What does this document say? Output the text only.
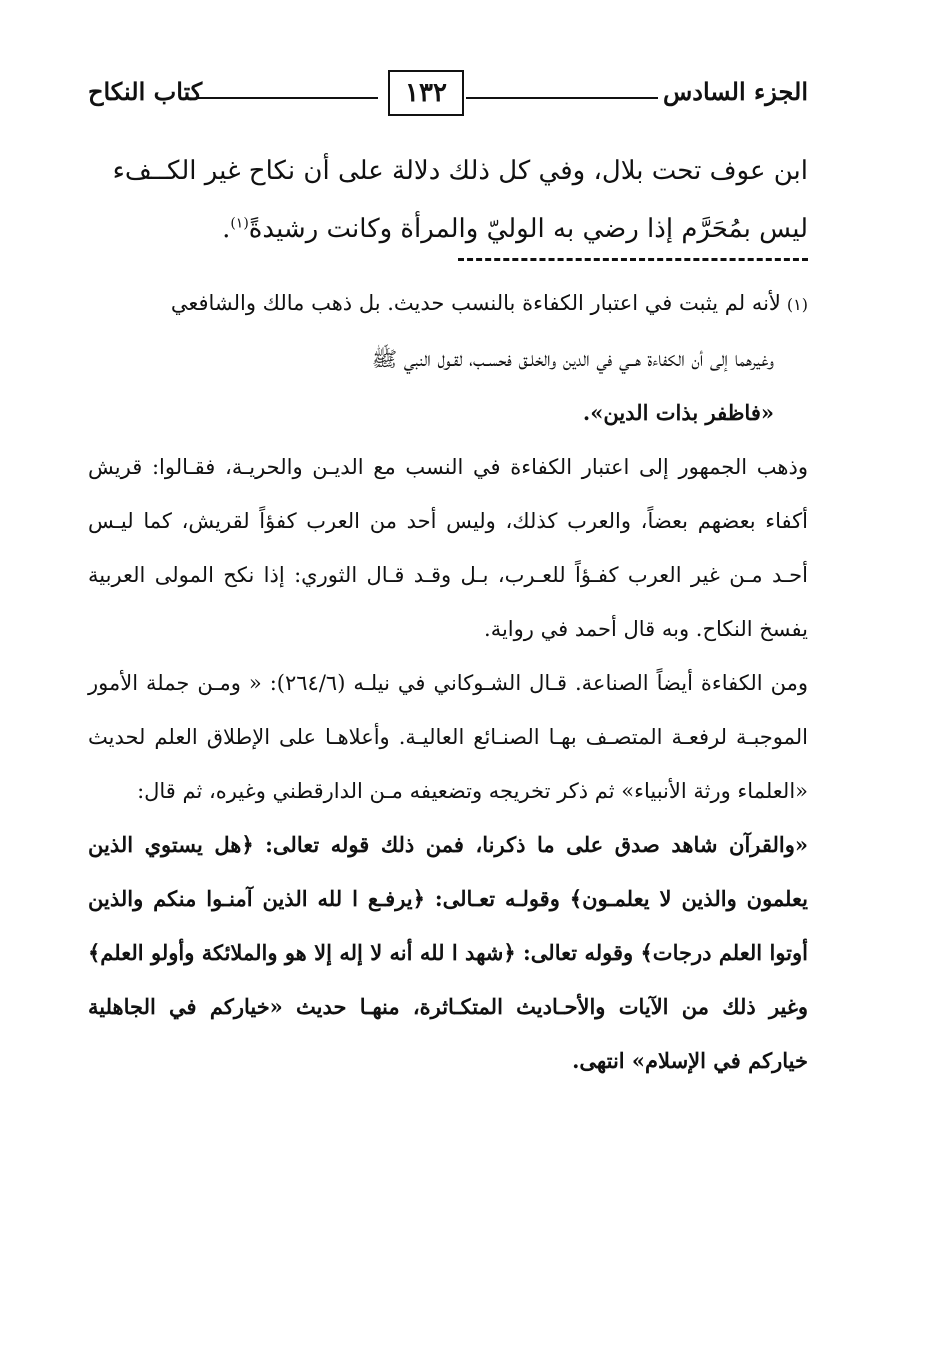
الجزء السادس
١٣٢
كتاب النكاح

ابن عوف تحت بلال، وفي كل ذلك دلالة على أن نكاح غير الكــفء

ليس بمُحَرَّم إذا رضي به الوليّ والمرأة وكانت رشيدةً$^{(١)}$.

(١)لأنه لم يثبت في اعتبار الكفاءة بالنسب حديث. بل ذهب مالك والشافعي

وغيرهما إلى أن الكفاءة هــي في الدين والخلـق فحسـب، لقـول النبي ﷺ

«فاظفر بذات الدين».

وذهب الجمهور إلى اعتبار الكفاءة في النسب مع الديـن والحريـة، فقـالوا: قريش أكفاء بعضهم بعضاً، والعرب كذلك، وليس أحد من العرب كفؤاً لقريش، كما ليـس أحـد مـن غير العرب كفـؤاً للعـرب، بـل وقـد قـال الثوري: إذا نكح المولى العربية يفسخ النكاح. وبه قال أحمد في رواية.

ومن الكفاءة أيضاً الصناعة. قـال الشـوكاني في نيلـه (٢٦٤/٦): « ومـن جملة الأمور الموجبـة لرفعـة المتصـف بهـا الصنـائع العاليـة. وأعلاهـا على الإطلاق العلم لحديث «العلماء ورثة الأنبياء» ثم ذكر تخريجه وتضعيفه مـن الدارقطني وغيره، ثم قال:

«والقرآن شاهد صدق على ما ذكرنا، فمن ذلك قوله تعالى: ﴿هل يستوي الذين يعلمون والذين لا يعلمـون﴾ وقولـه تعـالى: ﴿يرفـع ا لله الذين آمنـوا منكم والذين أوتوا العلم درجات﴾ وقوله تعالى: ﴿شهد ا لله أنه لا إله إلا هو والملائكة وأولو العلم﴾ وغير ذلك من الآيات والأحـاديث المتكـاثرة، منهـا حديث «خياركم في الجاهلية خياركم في الإسلام» انتهى.
